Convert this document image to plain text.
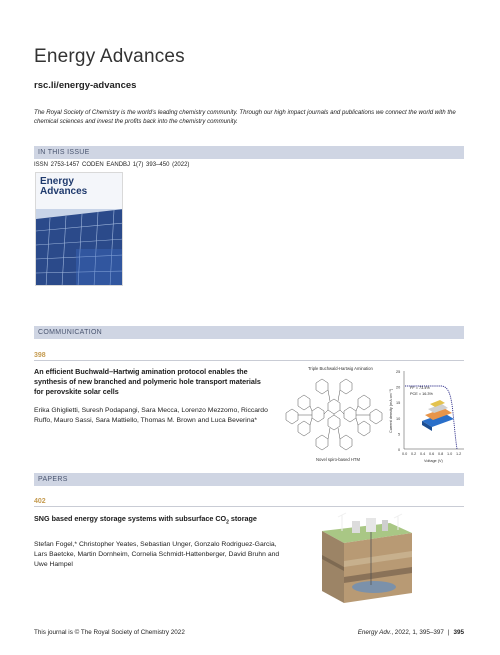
Energy Advances
rsc.li/energy-advances
The Royal Society of Chemistry is the world’s leading chemistry community. Through our high impact journals and publications we connect the world with the chemical sciences and invest the profits back into the chemistry community.
IN THIS ISSUE
ISSN 2753-1457 CODEN EANDBJ 1(7) 393–450 (2022)
Energy
Advances
COMMUNICATION
398
An efficient Buchwald–Hartwig amination protocol enables the synthesis of new branched and polymeric hole transport materials for perovskite solar cells
Erika Ghiglietti, Suresh Podapangi, Sara Mecca, Lorenzo Mezzomo, Riccardo Ruffo, Mauro Sassi, Sara Mattiello, Thomas M. Brown and Luca Beverina*
Triple Buchwald-Hartwig Amination
Novel spiro-based HTM
25
20
15
10
5
0
0.0 0.2 0.4 0.6 0.8 1.0 1.2
Voltage (V)
Current density (mA cm⁻²)
FF = 73.4%
PCE = 16.3%
PAPERS
402
SNG based energy storage systems with subsurface $CO_2$ storage
Stefan Fogel,* Christopher Yeates, Sebastian Unger, Gonzalo Rodriguez-Garcia, Lars Baetcke, Martin Dornheim, Cornelia Schmidt-Hattenberger, David Bruhn and Uwe Hampel
This journal is © The Royal Society of Chemistry 2022	Energy Adv., 2022, 1, 395–397 | 395
